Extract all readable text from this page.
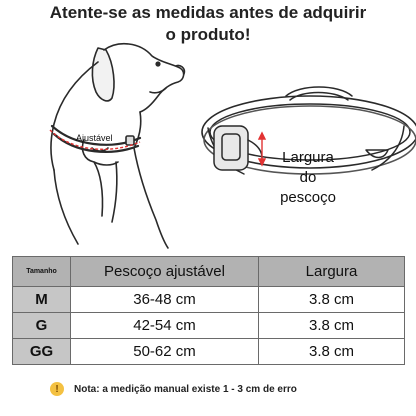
Atente-se as medidas antes de adquirir
o produto!
Ajustável
Largura
do
pescoço
Tamanho	Pescoço ajustável	Largura
M	36-48 cm	3.8 cm
G	42-54 cm	3.8 cm
GG	50-62 cm	3.8 cm
!	Nota: a medição manual existe 1 - 3 cm de erro
